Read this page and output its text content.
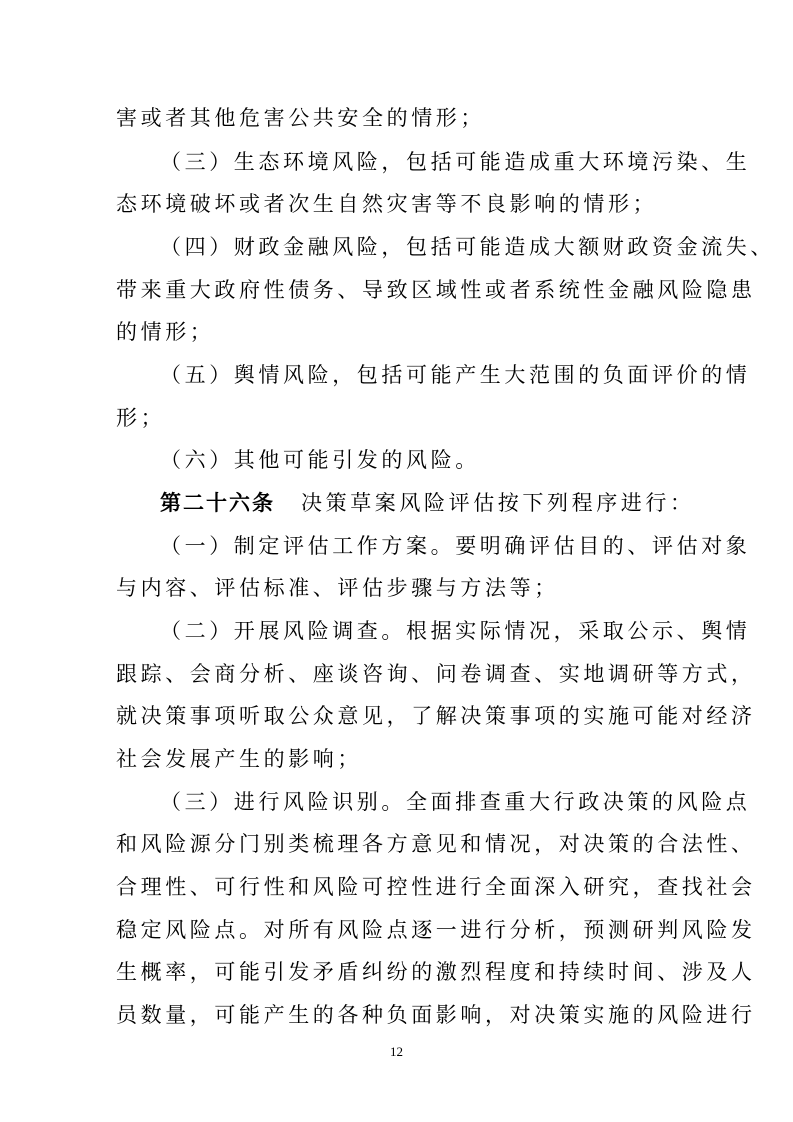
害或者其他危害公共安全的情形；
（三）生态环境风险，包括可能造成重大环境污染、生
态环境破坏或者次生自然灾害等不良影响的情形；
（四）财政金融风险，包括可能造成大额财政资金流失、
带来重大政府性债务、导致区域性或者系统性金融风险隐患
的情形；
（五）舆情风险，包括可能产生大范围的负面评价的情
形；
（六）其他可能引发的风险。
第二十六条 决策草案风险评估按下列程序进行：
（一）制定评估工作方案。要明确评估目的、评估对象
与内容、评估标准、评估步骤与方法等；
（二）开展风险调查。根据实际情况，采取公示、舆情
跟踪、会商分析、座谈咨询、问卷调查、实地调研等方式，
就决策事项听取公众意见，了解决策事项的实施可能对经济
社会发展产生的影响；
（三）进行风险识别。全面排查重大行政决策的风险点
和风险源分门别类梳理各方意见和情况，对决策的合法性、
合理性、可行性和风险可控性进行全面深入研究，查找社会
稳定风险点。对所有风险点逐一进行分析，预测研判风险发
生概率，可能引发矛盾纠纷的激烈程度和持续时间、涉及人
员数量，可能产生的各种负面影响，对决策实施的风险进行
12
